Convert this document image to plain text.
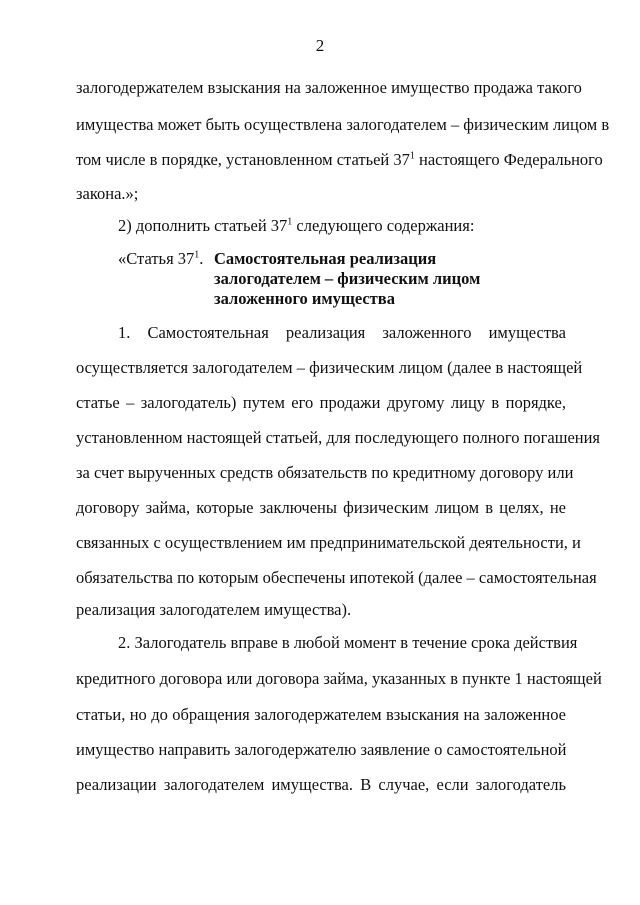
2
залогодержателем взыскания на заложенное имущество продажа такого
имущества может быть осуществлена залогодателем – физическим лицом в
том числе в порядке, установленном статьей $37^1$ настоящего Федерального
закона.»;
2) дополнить статьей $37^1$ следующего содержания:
«Статья $37^1$. Самостоятельная реализация
залогодателем – физическим лицом
заложенного имущества
1. Самостоятельная реализация заложенного имущества
осуществляется залогодателем – физическим лицом (далее в настоящей
статье – залогодатель) путем его продажи другому лицу в порядке,
установленном настоящей статьей, для последующего полного погашения
за счет вырученных средств обязательств по кредитному договору или
договору займа, которые заключены физическим лицом в целях, не
связанных с осуществлением им предпринимательской деятельности, и
обязательства по которым обеспечены ипотекой (далее – самостоятельная
реализация залогодателем имущества).
2. Залогодатель вправе в любой момент в течение срока действия
кредитного договора или договора займа, указанных в пункте 1 настоящей
статьи, но до обращения залогодержателем взыскания на заложенное
имущество направить залогодержателю заявление о самостоятельной
реализации залогодателем имущества. В случае, если залогодатель
